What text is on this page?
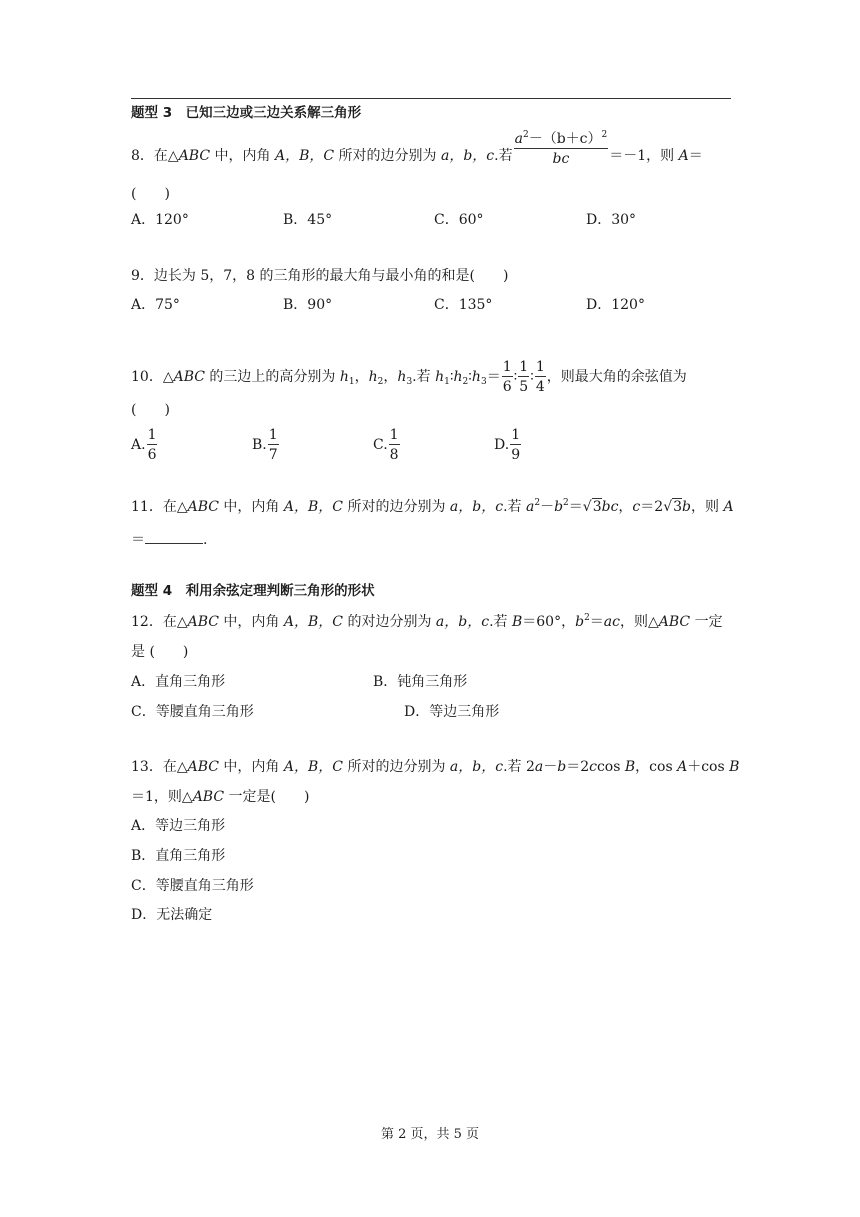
题型 3　已知三边或三边关系解三角形
8．在△ABC 中，内角 A，B，C 所对的边分别为 a，b，c.若 $\frac{a^2-(b+c)^2}{bc} =-1$，则 A＝
(　　)
A．120°	B．45°	C．60°	D．30°
9．边长为 5，7，8 的三角形的最大角与最小角的和是(　　)
A．75°	B．90°	C．135°	D．120°
10．△ABC 的三边上的高分别为 $h_1$，$h_2$，$h_3$.若 $h_1∶h_2∶h_3= \frac{1}{6}$ ∶ $\frac{1}{5}$ ∶ $\frac{1}{4}$ ，则最大角的余弦值为
(　　)
A. $\frac{1}{6}$	B. $\frac{1}{7}$	C. $\frac{1}{8}$	D. $\frac{1}{9}$
11．在△ABC 中，内角 A，B，C 所对的边分别为 a，b，c.若 $a^2-b^2=√3bc$，c＝2√3b，则 A
＝	.
题型 4　利用余弦定理判断三角形的形状
12．在△ABC 中，内角 A，B，C 的对边分别为 a，b，c.若 B＝60°，$b^2=ac$，则△ABC 一定
是 (　　)
A．直角三角形	B．钝角三角形
C．等腰直角三角形	D．等边三角形
13．在△ABC 中，内角 A，B，C 所对的边分别为 a，b，c.若 2a－b＝2ccos B，cos A＋cos B
＝1，则△ABC 一定是(　　)
A．等边三角形
B．直角三角形
C．等腰直角三角形
D．无法确定
第 2 页，共 5 页
